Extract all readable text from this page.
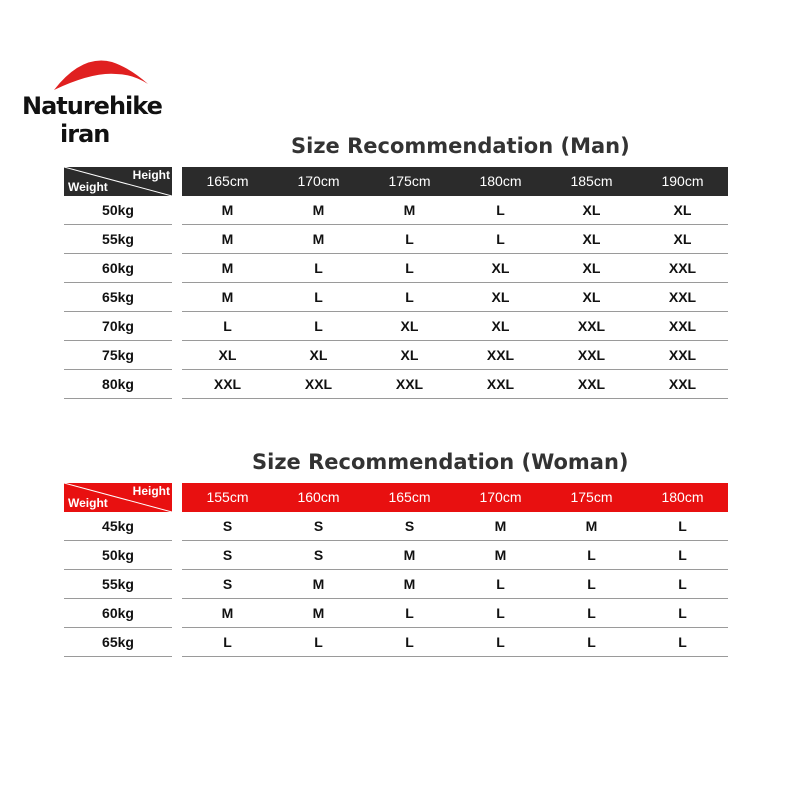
Naturehike
iran	Size Recommendation (Man)
Height
Weight	165cm	170cm	175cm	180cm	185cm	190cm
50kg	M	M	M	L	XL	XL
55kg	M	M	L	L	XL	XL
60kg	M	L	L	XL	XL	XXL
65kg	M	L	L	XL	XL	XXL
70kg	L	L	XL	XL	XXL	XXL
75kg	XL	XL	XL	XXL	XXL	XXL
80kg	XXL	XXL	XXL	XXL	XXL	XXL
Size Recommendation (Woman)
Height
Weight	155cm	160cm	165cm	170cm	175cm	180cm
45kg	S	S	S	M	M	L
50kg	S	S	M	M	L	L
55kg	S	M	M	L	L	L
60kg	M	M	L	L	L	L
65kg	L	L	L	L	L	L
